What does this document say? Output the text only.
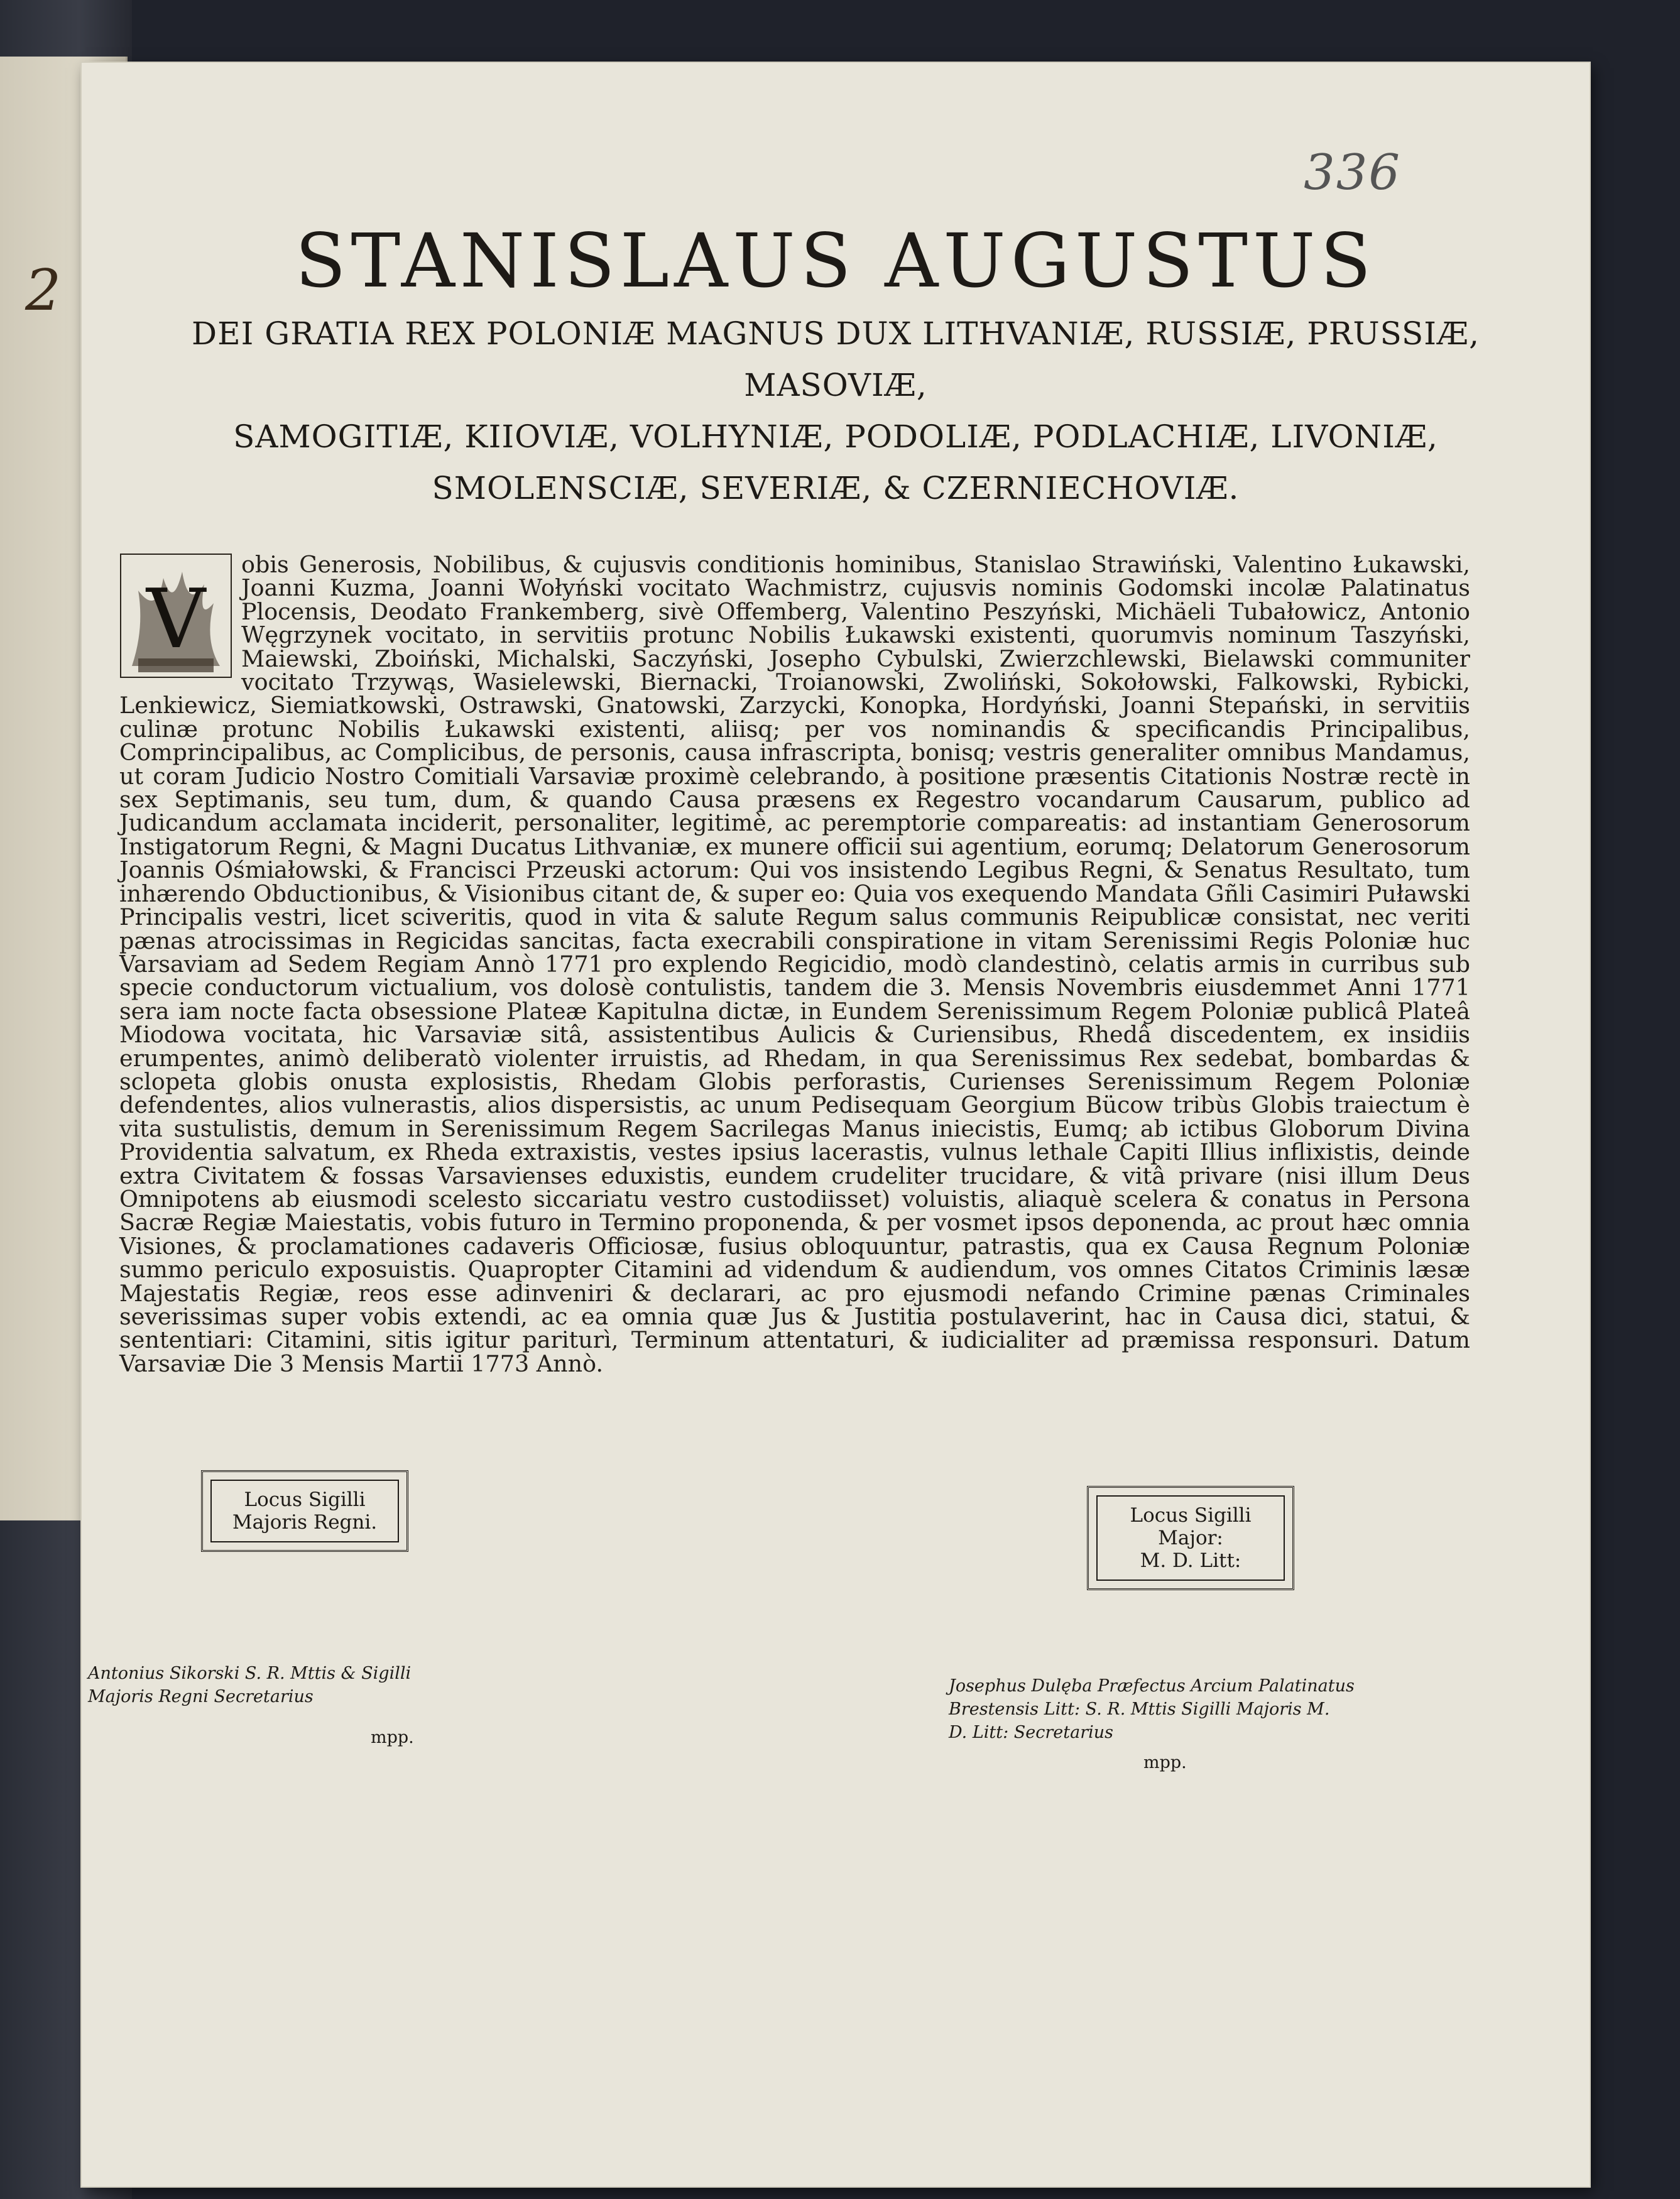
2
336
STANISLAUS AUGUSTUS
DEI GRATIA REX POLONIÆ MAGNUS DUX LITHVANIÆ, RUSSIÆ, PRUSSIÆ, MASOVIÆ,
SAMOGITIÆ, KIIOVIÆ, VOLHYNIÆ, PODOLIÆ, PODLACHIÆ, LIVONIÆ,
SMOLENSCIÆ, SEVERIÆ, & CZERNIECHOVIÆ.
V
obis Generosis, Nobilibus, & cujusvis conditionis hominibus, Stanislao Strawiński, Valentino Łukawski, Joanni Kuzma, Joanni Wołyński vocitato Wachmistrz, cujusvis nominis Godomski incolæ Palatinatus Plocensis, Deodato Frankemberg, sivè Offemberg, Valentino Peszyński, Michäeli Tubałowicz, Antonio Węgrzynek vocitato, in servitiis protunc Nobilis Łukawski existenti, quorumvis nominum Taszyński, Maiewski, Zboiński, Michalski, Saczyński, Josepho Cybulski, Zwierzchlewski, Bielawski communiter vocitato Trzywąs, Wasielewski, Biernacki, Troianowski, Zwoliński, Sokołowski, Falkowski, Rybicki, Lenkiewicz, Siemiatkowski, Ostrawski, Gnatowski, Zarzycki, Konopka, Hordyński, Joanni Stepański, in servitiis culinæ protunc Nobilis Łukawski existenti, aliisq; per vos nominandis & specificandis Principalibus, Comprincipalibus, ac Complicibus, de personis, causa infrascripta, bonisq; vestris generaliter omnibus Mandamus, ut coram Judicio Nostro Comitiali Varsaviæ proximè celebrando, à positione præsentis Citationis Nostræ rectè in sex Septimanis, seu tum, dum, & quando Causa præsens ex Regestro vocandarum Causarum, publico ad Judicandum acclamata inciderit, personaliter, legitimè, ac peremptorie compareatis: ad instantiam Generosorum Instigatorum Regni, & Magni Ducatus Lithvaniæ, ex munere officii sui agentium, eorumq; Delatorum Generosorum Joannis Ośmiałowski, & Francisci Przeuski actorum: Qui vos insistendo Legibus Regni, & Senatus Resultato, tum inhærendo Obductionibus, & Visionibus citant de, & super eo: Quia vos exequendo Mandata Gñli Casimiri Puławski Principalis vestri, licet sciveritis, quod in vita & salute Regum salus communis Reipublicæ consistat, nec veriti pænas atrocissimas in Regicidas sancitas, facta execrabili conspiratione in vitam Serenissimi Regis Poloniæ huc Varsaviam ad Sedem Regiam Annò 1771 pro explendo Regicidio, modò clandestinò, celatis armis in curribus sub specie conductorum victualium, vos dolosè contulistis, tandem die 3. Mensis Novembris eiusdemmet Anni 1771 sera iam nocte facta obsessione Plateæ Kapitulna dictæ, in Eundem Serenissimum Regem Poloniæ publicâ Plateâ Miodowa vocitata, hic Varsaviæ sitâ, assistentibus Aulicis & Curiensibus, Rhedâ discedentem, ex insidiis erumpentes, animò deliberatò violenter irruistis, ad Rhedam, in qua Serenissimus Rex sedebat, bombardas & sclopeta globis onusta explosistis, Rhedam Globis perforastis, Curienses Serenissimum Regem Poloniæ defendentes, alios vulnerastis, alios dispersistis, ac unum Pedisequam Georgium Bücow tribùs Globis traiectum è vita sustulistis, demum in Serenissimum Regem Sacrilegas Manus iniecistis, Eumq; ab ictibus Globorum Divina Providentia salvatum, ex Rheda extraxistis, vestes ipsius lacerastis, vulnus lethale Capiti Illius inflixistis, deinde extra Civitatem & fossas Varsavienses eduxistis, eundem crudeliter trucidare, & vitâ privare (nisi illum Deus Omnipotens ab eiusmodi scelesto siccariatu vestro custodiisset) voluistis, aliaquè scelera & conatus in Persona Sacræ Regiæ Maiestatis, vobis futuro in Termino proponenda, & per vosmet ipsos deponenda, ac prout hæc omnia Visiones, & proclamationes cadaveris Officiosæ, fusius obloquuntur, patrastis, qua ex Causa Regnum Poloniæ summo periculo exposuistis. Quapropter Citamini ad videndum & audiendum, vos omnes Citatos Criminis læsæ Majestatis Regiæ, reos esse adinveniri & declarari, ac pro ejusmodi nefando Crimine pænas Criminales severissimas super vobis extendi, ac ea omnia quæ Jus & Justitia postulaverint, hac in Causa dici, statui, & sententiari: Citamini, sitis igitur pariturì, Terminum attentaturi, & iudicialiter ad præmissa responsuri. Datum Varsaviæ Die 3 Mensis Martii 1773 Annò.
Locus Sigilli
Majoris Regni.	Locus Sigilli Major:
M. D. Litt:
Antonius Sikorski S. R. Mttis & Sigilli
Majoris Regni Secretarius
mpp.
Josephus Dulęba Præfectus Arcium Palatinatus
Brestensis Litt: S. R. Mttis Sigilli Majoris M.
D. Litt: Secretarius
mpp.
